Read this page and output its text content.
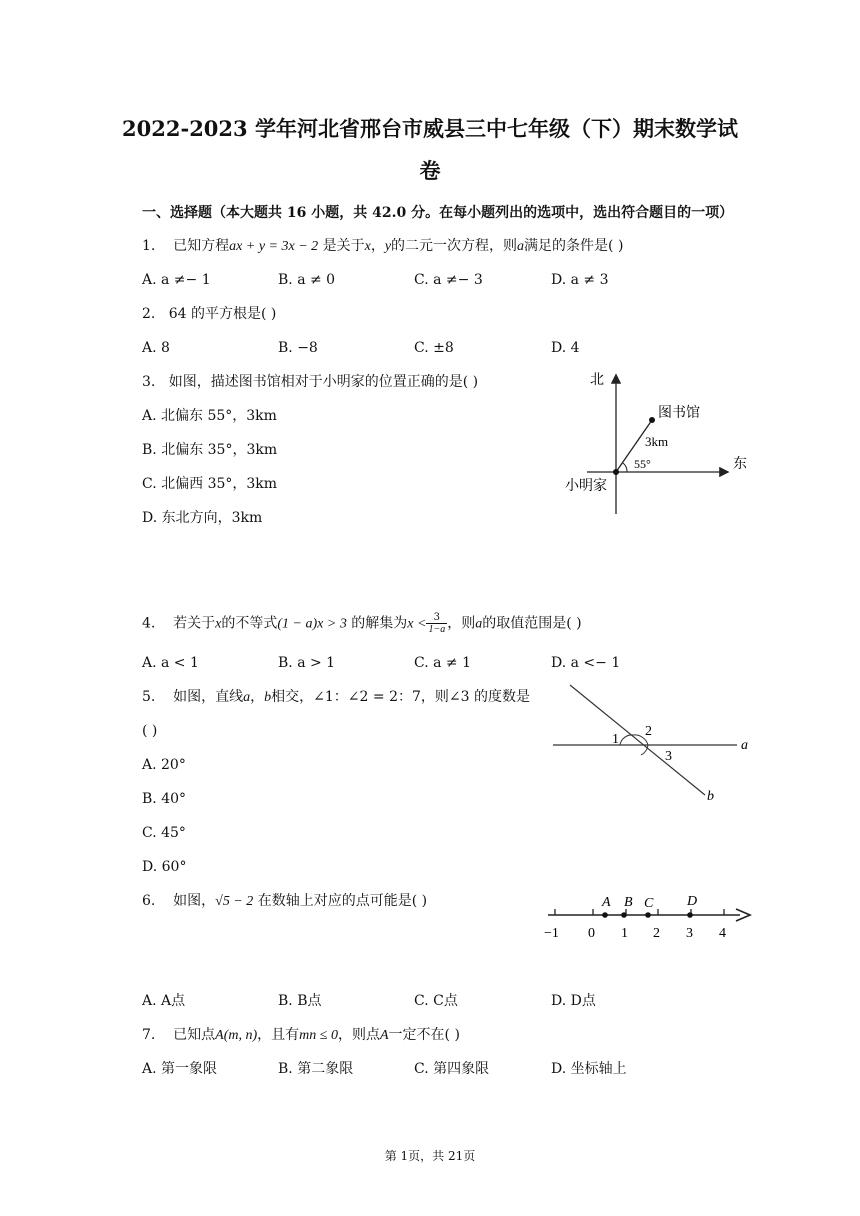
2022-2023 学年河北省邢台市威县三中七年级（下）期末数学试
卷
一、选择题（本大题共 16 小题，共 42.0 分。在每小题列出的选项中，选出符合题目的一项）
1. 已知方程ax + y = 3x − 2 是关于x，y的二元一次方程，则a满足的条件是( )
A. a ≠− 1	B. a ≠ 0	C. a ≠− 3	D. a ≠ 3
2. 64 的平方根是( )
A. 8	B. −8	C. ±8	D. 4
3. 如图，描述图书馆相对于小明家的位置正确的是( )
A. 北偏东 55°，3km
B. 北偏东 35°，3km
C. 北偏西 35°，3km
D. 东北方向，3km
北
东
图书馆
3km
55°
小明家
4. 若关于x的不等式(1 − a)x > 3 的解集为$x < \frac{3}{1-a}$ ，则a的取值范围是( )
A. a < 1	B. a > 1	C. a ≠ 1	D. a <− 1
5. 如图，直线a，b相交，∠1：∠2 = 2：7，则∠3 的度数是
( )
A. 20°
B. 40°
C. 45°
D. 60°
1
2
3
a
b
6. 如图，√5 − 2 在数轴上对应的点可能是( )
−1 0 1 2 3 4
A B C D
A. A点	B. B点	C. C点	D. D点
7. 已知点A(m, n)，且有mn ≤ 0，则点A一定不在( )
A. 第一象限	B. 第二象限	C. 第四象限	D. 坐标轴上
第 1页，共 21页
